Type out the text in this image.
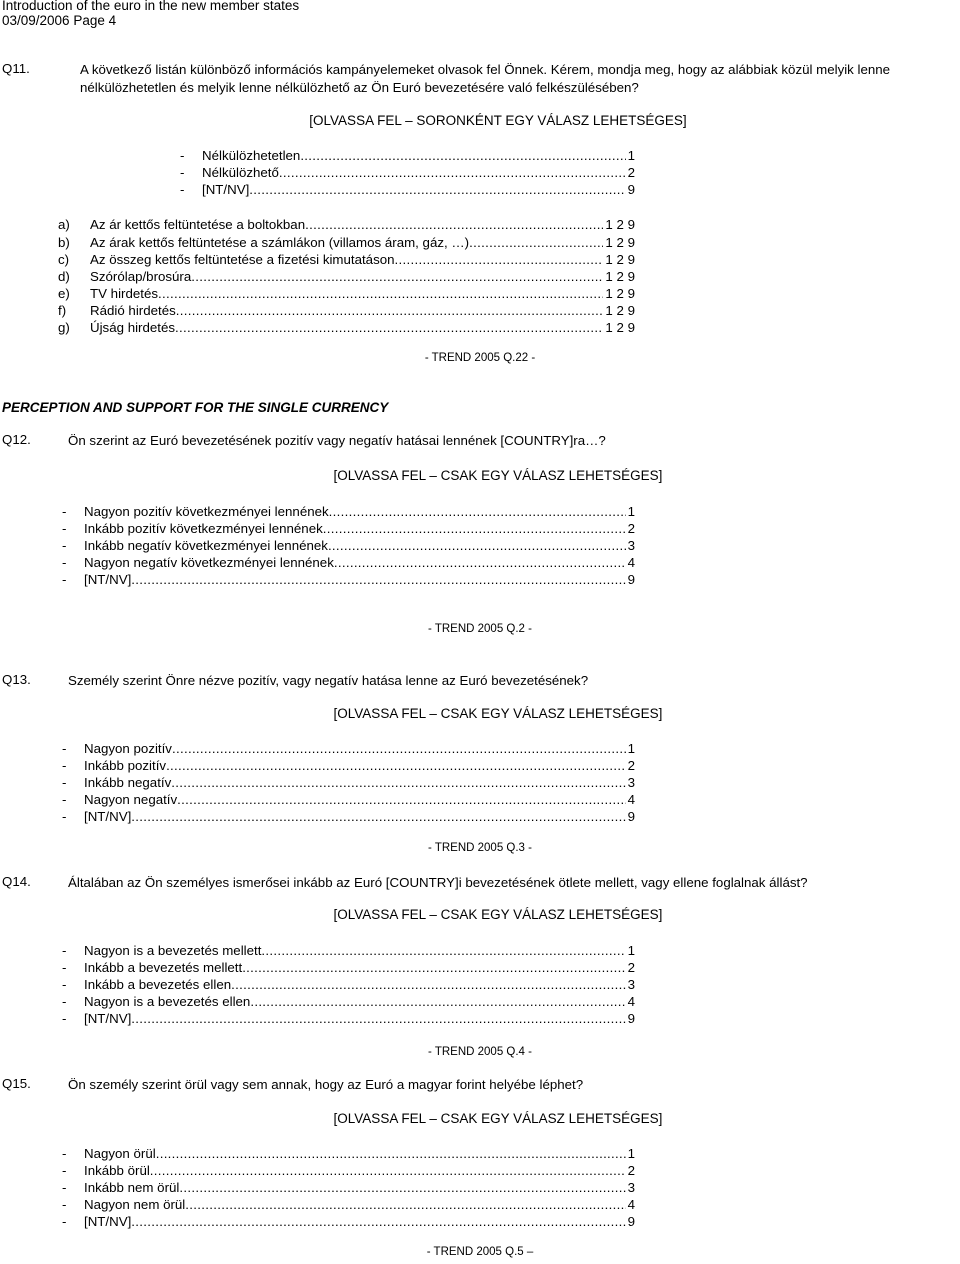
Introduction of the euro in the new member states
03/09/2006 Page 4
Q11.	A következő listán különböző információs kampányelemeket olvasok fel Önnek. Kérem, mondja meg, hogy az alábbiak közül melyik lenne nélkülözhetetlen és melyik lenne nélkülözhető az Ön Euró bevezetésére való felkészülésében?
[OLVASSA FEL – SORONKÉNT EGY VÁLASZ LEHETSÉGES]
-	Nélkülözhetetlen .....	1
-	Nélkülözhető .....	2
-	[NT/NV] .....	9
a)	Az ár kettős feltüntetése a boltokban .....	1 2 9
b)	Az árak kettős feltüntetése a számlákon (villamos áram, gáz, …) .....	1 2 9
c)	Az összeg kettős feltüntetése a fizetési kimutatáson .....	1 2 9
d)	Szórólap/brosúra .....	1 2 9
e)	TV hirdetés .....	1 2 9
f)	Rádió hirdetés .....	1 2 9
g)	Újság hirdetés .....	1 2 9
- TREND 2005 Q.22 -
PERCEPTION AND SUPPORT FOR THE SINGLE CURRENCY
Q12.	Ön szerint az Euró bevezetésének pozitív vagy negatív hatásai lennének [COUNTRY]ra…?
[OLVASSA FEL – CSAK EGY VÁLASZ LEHETSÉGES]
-	Nagyon pozitív következményei lennének .....	1
-	Inkább pozitív következményei lennének .....	2
-	Inkább negatív következményei lennének .....	3
-	Nagyon negatív következményei lennének .....	4
-	[NT/NV] .....	9
- TREND 2005 Q.2 -
Q13.	Személy szerint Önre nézve pozitív, vagy negatív hatása lenne az Euró bevezetésének?
[OLVASSA FEL – CSAK EGY VÁLASZ LEHETSÉGES]
-	Nagyon pozitív .....	1
-	Inkább pozitív .....	2
-	Inkább negatív .....	3
-	Nagyon negatív .....	4
-	[NT/NV] .....	9
- TREND 2005 Q.3 -
Q14.	Általában az Ön személyes ismerősei inkább az Euró [COUNTRY]i bevezetésének ötlete mellett, vagy ellene foglalnak állást?
[OLVASSA FEL – CSAK EGY VÁLASZ LEHETSÉGES]
-	Nagyon is a bevezetés mellett .....	1
-	Inkább a bevezetés mellett .....	2
-	Inkább a bevezetés ellen .....	3
-	Nagyon is a bevezetés ellen .....	4
-	[NT/NV] .....	9
- TREND 2005 Q.4 -
Q15.	Ön személy szerint örül vagy sem annak, hogy az Euró a magyar forint helyébe léphet?
[OLVASSA FEL – CSAK EGY VÁLASZ LEHETSÉGES]
-	Nagyon örül .....	1
-	Inkább örül .....	2
-	Inkább nem örül .....	3
-	Nagyon nem örül .....	4
-	[NT/NV] .....	9
- TREND 2005 Q.5 –
